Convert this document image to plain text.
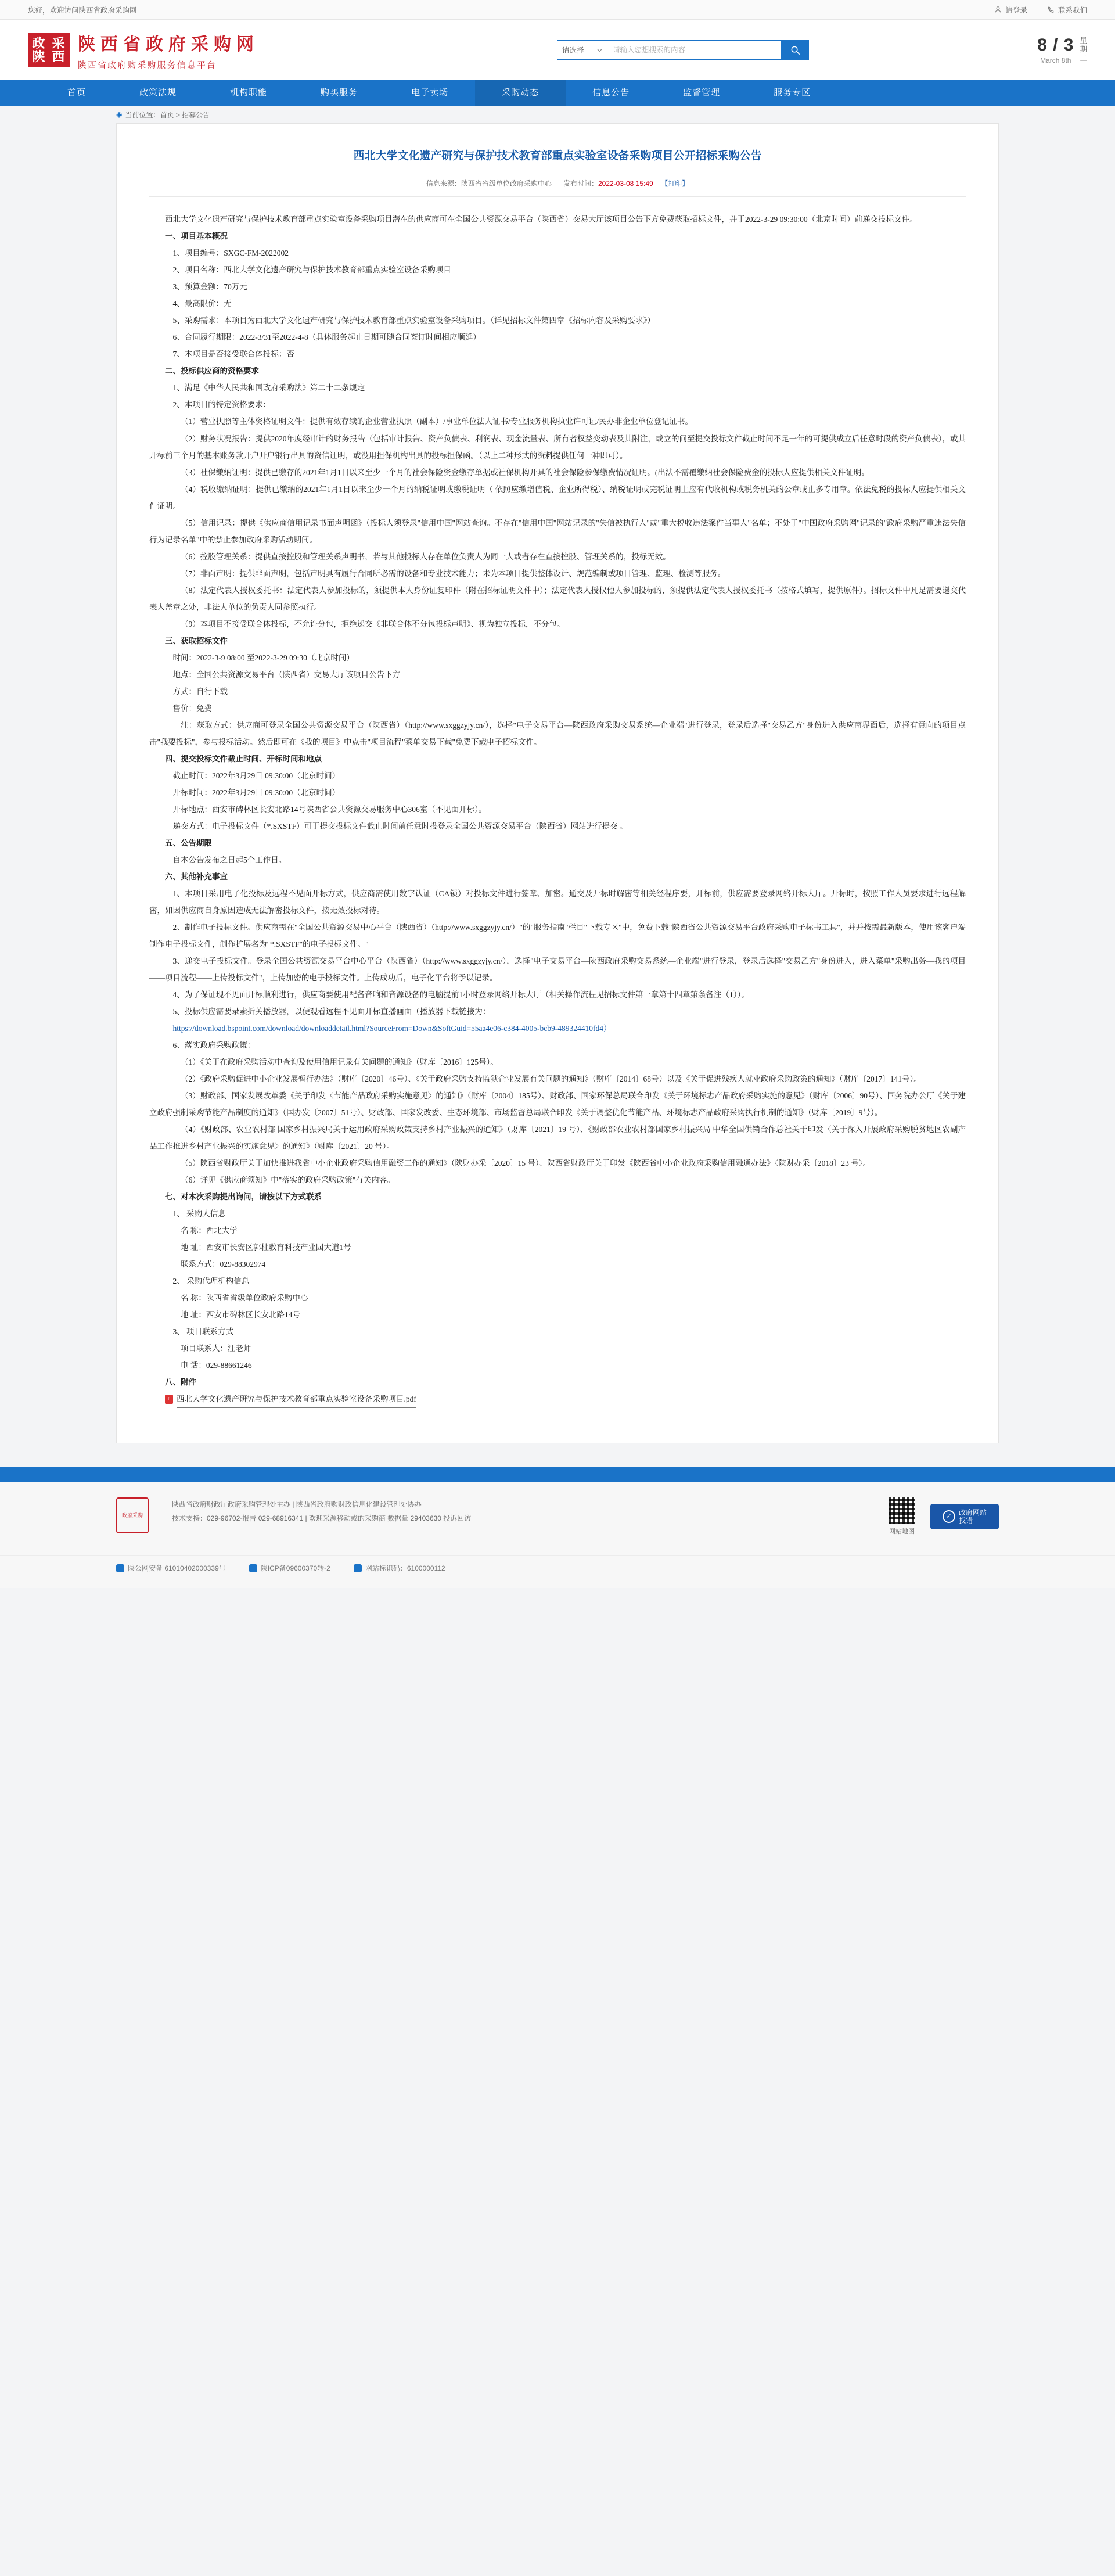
您好，欢迎访问陕西省政府采购网	请登录	联系我们
政陕
采西
陕西省政府采购网
陕西省政府购采购服务信息平台
请选择
请输入您想搜索的内容	8 / 3
March 8th
星
期
二
首页	政策法规	机构职能	购买服务	电子卖场	采购动态	信息公告	监督管理	服务专区
◉ 当前位置：首页 > 招募公告
西北大学文化遗产研究与保护技术教育部重点实验室设备采购项目公开招标采购公告
信息来源：陕西省省级单位政府采购中心 发布时间：2022-03-08 15:49 【打印】

西北大学文化遗产研究与保护技术教育部重点实验室设备采购项目潜在的供应商可在全国公共资源交易平台（陕西省）交易大厅该项目公告下方免费获取招标文件，并于2022-3-29 09:30:00（北京时间）前递交投标文件。

一、项目基本概况

1、项目编号：SXGC-FM-2022002

2、项目名称：西北大学文化遗产研究与保护技术教育部重点实验室设备采购项目

3、预算金额：70万元

4、最高限价：无

5、采购需求：本项目为西北大学文化遗产研究与保护技术教育部重点实验室设备采购项目。（详见招标文件第四章《招标内容及采购要求》）

6、合同履行期限：2022-3/31至2022-4-8（具体服务起止日期可随合同签订时间相应顺延）

7、本项目是否接受联合体投标：否

二、投标供应商的资格要求

1、满足《中华人民共和国政府采购法》第二十二条规定

2、本项目的特定资格要求：

（1）营业执照等主体资格证明文件：提供有效存续的企业营业执照（副本）/事业单位法人证书/专业服务机构执业许可证/民办非企业单位登记证书。

（2）财务状况报告：提供2020年度经审计的财务报告（包括审计报告、资产负债表、利润表、现金流量表、所有者权益变动表及其附注，或立的问至提交投标文件截止时间不足一年的可提供成立后任意时段的资产负债表），或其开标前三个月的基本账务款开户开户银行出具的资信证明，或没用担保机构出具的投标担保函。（以上二种形式的资料提供任何一种即可）。

（3）社保缴纳证明：提供已缴存的2021年1月1日以来至少一个月的社会保险资金缴存单据或社保机构开具的社会保险参保缴费情况证明。(出法不需覆缴纳社会保险费金的投标人应提供相关文件证明。

（4）税收缴纳证明：提供已缴纳的2021年1月1日以来至少一个月的纳税证明或缴税证明（ 依照应缴增值税、企业所得税）、纳税证明或完税证明上应有代收机构或税务机关的公章或止多专用章。依法免税的投标人应提供相关文件证明。

（5）信用记录：提供《供应商信用记录书面声明函》（投标人须登录"信用中国"网站查询。不存在"信用中国"网站记录的"失信被执行人"或"重大税收违法案件当事人"名单；不处于"中国政府采购网"记录的"政府采购严重违法失信行为记录名单"中的禁止参加政府采购活动期间。

（6）控股管理关系：提供直接控股和管理关系声明书，若与其他投标人存在单位负责人为同一人或者存在直接控股、管理关系的，投标无效。

（7）非面声明：提供非面声明，包括声明具有履行合同所必需的设备和专业技术能力；未为本项目提供整体设计、规范编制或项目管理、监理、检测等服务。

（8）法定代表人授权委托书：法定代表人参加投标的，须提供本人身份证复印件（附在招标证明文件中）；法定代表人授权他人参加投标的，须提供法定代表人授权委托书（按格式填写，提供原件）。招标文件中凡是需要递交代表人盖章之处，非法人单位的负责人同参照执行。

（9）本项目不接受联合体投标，不允许分包，拒绝递交《非联合体不分包投标声明》、视为独立投标，不分包。

三、获取招标文件

时间：2022-3-9 08:00 至2022-3-29 09:30（北京时间）

地点：全国公共资源交易平台（陕西省）交易大厅该项目公告下方

方式：自行下载

售价：免费

注：获取方式：供应商可登录全国公共资源交易平台（陕西省）（http://www.sxggzyjy.cn/），选择"电子交易平台—陕西政府采购交易系统—企业端"进行登录，登录后选择"交易乙方"身份进入供应商界面后，选择有意向的项目点击"我要投标"，参与投标活动。然后即可在《我的项目》中点击"项目流程"菜单交易下载"免费下载电子招标文件。

四、提交投标文件截止时间、开标时间和地点

截止时间：2022年3月29日 09:30:00（北京时间）

开标时间：2022年3月29日 09:30:00（北京时间）

开标地点：西安市碑林区长安北路14号陕西省公共资源交易服务中心306室（不见面开标）。

递交方式：电子投标文件（*.SXSTF）可于提交投标文件截止时间前任意时投登录全国公共资源交易平台（陕西省）网站进行提交 。

五、公告期限

自本公告发布之日起5个工作日。

六、其他补充事宜

1、本项目采用电子化投标及远程不见面开标方式，供应商需使用数字认证（CA锁）对投标文件进行签章、加密。通交及开标时解密等相关经程序要，开标前，供应需要登录网络开标大厅。开标时，按照工作人员要求进行远程解密，如因供应商自身原因造成无法解密投标文件，按无效投标对待。

2、制作电子投标文件。供应商需在"全国公共资源交易中心平台（陕西省）（http://www.sxggzyjy.cn/）"的"服务指南"栏目"下载专区"中，免费下载"陕西省公共资源交易平台政府采购电子标书工具"，并并按需最新版本，使用该客户端制作电子投标文件，制作扩展名为"*.SXSTF"的电子投标文件。"

3、递交电子投标文件。登录全国公共资源交易平台中心平台（陕西省）（http://www.sxggzyjy.cn/），选择"电子交易平台—陕西政府采购交易系统—企业端"进行登录，登录后选择"交易乙方"身份进入，进入菜单"采购出务—我的项目——项目流程——上传投标文件"，上传加密的电子投标文件。上传成功后，电子化平台将予以记录。

4、为了保证现不见面开标顺利进行，供应商要使用配备音响和音源设备的电脑提前1小时登录网络开标大厅（相关操作流程见招标文件第一章第十四章第条备注（1））。

5、投标供应需要录素折关播放器，以便观看远程不见面开标直播画面（播放器下载链接为：

https://download.bspoint.com/download/downloaddetail.html?SourceFrom=Down&SoftGuid=55aa4e06-c384-4005-bcb9-489324410fd4）

6、落实政府采购政策：

（1）《关于在政府采购活动中查询及使用信用记录有关问题的通知》（财库〔2016〕125号）。

（2）《政府采购促进中小企业发展暂行办法》（财库〔2020〕46号）、《关于政府采购支持监狱企业发展有关问题的通知》（财库〔2014〕68号）以及《关于促进残疾人就业政府采购政策的通知》（财库〔2017〕141号）。

（3）财政部、国家发展改革委《关于印发〈节能产品政府采购实施意见〉的通知》（财库〔2004〕185号）、财政部、国家环保总局联合印发《关于环境标志产品政府采购实施的意见》（财库〔2006〕90号）、国务院办公厅《关于建立政府强制采购节能产品制度的通知》（国办发〔2007〕51号）、财政部、国家发改委、生态环境部、市场监督总局联合印发《关于调整优化节能产品、环境标志产品政府采购执行机制的通知》（财库〔2019〕9号）。

（4）《财政部、农业农村部 国家乡村振兴局关于运用政府采购政策支持乡村产业振兴的通知》（财库〔2021〕19 号）、《财政部农业农村部国家乡村振兴局 中华全国供销合作总社关于印发〈关于深入开展政府采购脱贫地区农副产品工作推进乡村产业振兴的实施意见〉的通知》（财库〔2021〕20 号）。

（5）陕西省财政厅关于加快推进我省中小企业政府采购信用融资工作的通知》（陕财办采〔2020〕15 号）、陕西省财政厅关于印发《陕西省中小企业政府采购信用融通办法》〈陕财办采〔2018〕23 号〉。

（6）详见《供应商须知》中"落实的政府采购政策"有关内容。

七、对本次采购提出询问，请按以下方式联系

1、 采购人信息

名 称：西北大学

地 址：西安市长安区郭杜教育科技产业园大道1号

联系方式：029-88302974

2、 采购代理机构信息

名 称：陕西省省级单位政府采购中心

地 址：西安市碑林区长安北路14号

3、 项目联系方式

项目联系人：汪老师

电 话：029-88661246

八、附件

P 西北大学文化遗产研究与保护技术教育部重点实验室设备采购项目.pdf
政府采购
陕西省政府财政厅政府采购管理处主办 | 陕西省政府购财政信息化建设管理处协办
技术支持：029-96702-报告 029-68916341 | 欢迎采源移动或的采购商 数据量 29403630 投诉回访
网站地图
✓	政府网站
找错
陕公网安备 61010402000339号	陕ICP备09600370转-2	网站标识码：6100000112
